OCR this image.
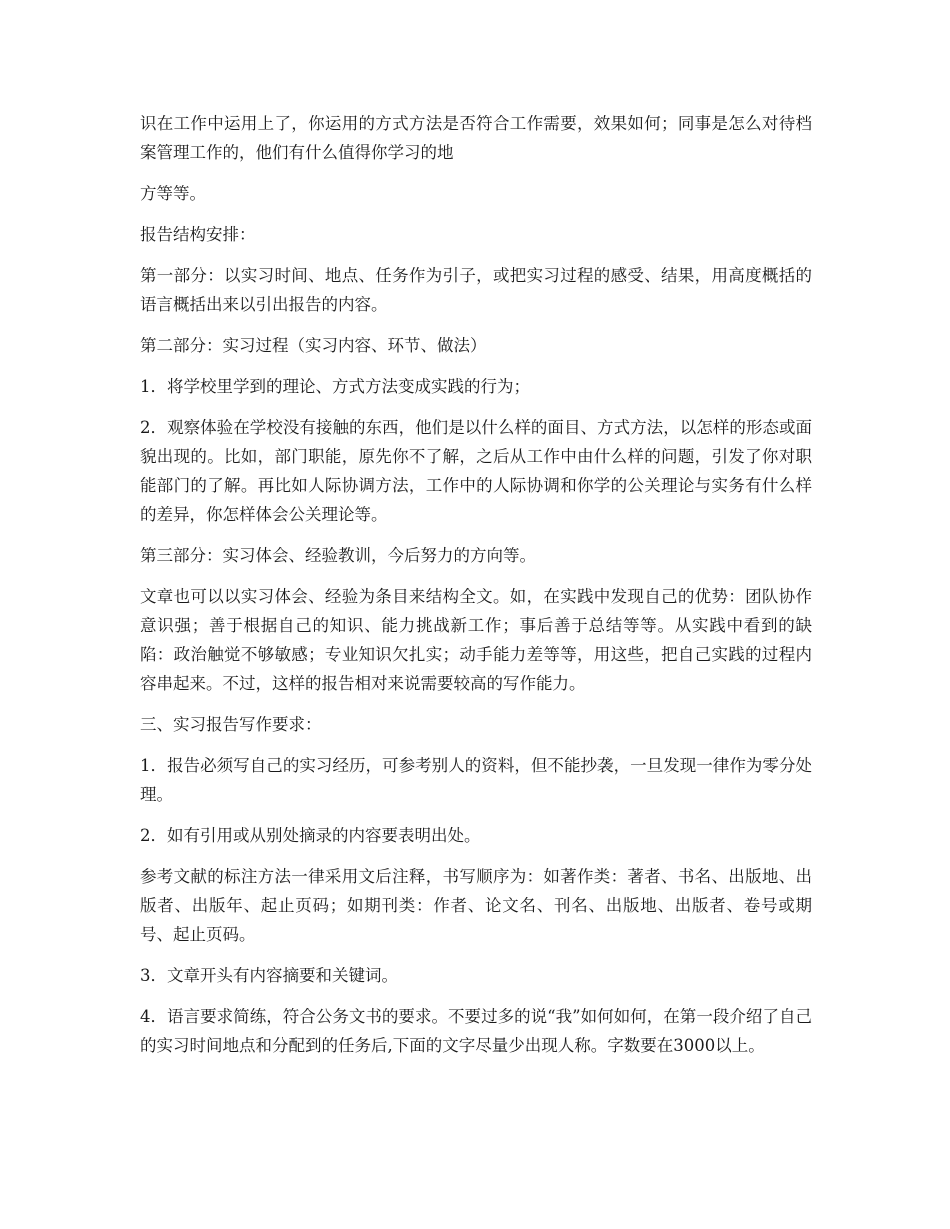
识在工作中运用上了，你运用的方式方法是否符合工作需要，效果如何；同事是怎么对待档案管理工作的，他们有什么值得你学习的地

方等等。

报告结构安排：

第一部分：以实习时间、地点、任务作为引子，或把实习过程的感受、结果，用高度概括的语言概括出来以引出报告的内容。

第二部分：实习过程（实习内容、环节、做法）

1．将学校里学到的理论、方式方法变成实践的行为；

2．观察体验在学校没有接触的东西，他们是以什么样的面目、方式方法，以怎样的形态或面貌出现的。比如，部门职能，原先你不了解，之后从工作中由什么样的问题，引发了你对职能部门的了解。再比如人际协调方法，工作中的人际协调和你学的公关理论与实务有什么样的差异，你怎样体会公关理论等。

第三部分：实习体会、经验教训，今后努力的方向等。

文章也可以以实习体会、经验为条目来结构全文。如，在实践中发现自己的优势：团队协作意识强；善于根据自己的知识、能力挑战新工作；事后善于总结等等。从实践中看到的缺陷：政治触觉不够敏感；专业知识欠扎实；动手能力差等等，用这些，把自己实践的过程内容串起来。不过，这样的报告相对来说需要较高的写作能力。

三、实习报告写作要求：

1．报告必须写自己的实习经历，可参考别人的资料，但不能抄袭，一旦发现一律作为零分处理。

2．如有引用或从别处摘录的内容要表明出处。

参考文献的标注方法一律采用文后注释，书写顺序为：如著作类：著者、书名、出版地、出版者、出版年、起止页码；如期刊类：作者、论文名、刊名、出版地、出版者、卷号或期号、起止页码。

3．文章开头有内容摘要和关键词。

4．语言要求简练，符合公务文书的要求。不要过多的说“我”如何如何，在第一段介绍了自己的实习时间地点和分配到的任务后,下面的文字尽量少出现人称。字数要在3000以上。
